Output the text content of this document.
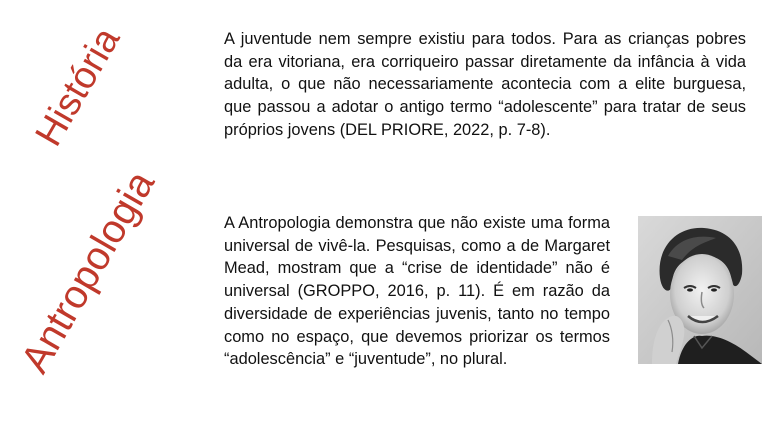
História	A juventude nem sempre existiu para todos. Para as crianças pobres da era vitoriana, era corriqueiro passar diretamente da infância à vida adulta, o que não necessariamente acontecia com a elite burguesa, que passou a adotar o antigo termo “adolescente” para tratar de seus próprios jovens (DEL PRIORE, 2022, p. 7-8).

Antropologia	A Antropologia demonstra que não existe uma forma universal de vivê-la. Pesquisas, como a de Margaret Mead, mostram que a “crise de identidade” não é universal (GROPPO, 2016, p. 11). É em razão da diversidade de experiências juvenis, tanto no tempo como no espaço, que devemos priorizar os termos “adolescência” e “juventude”, no plural.
